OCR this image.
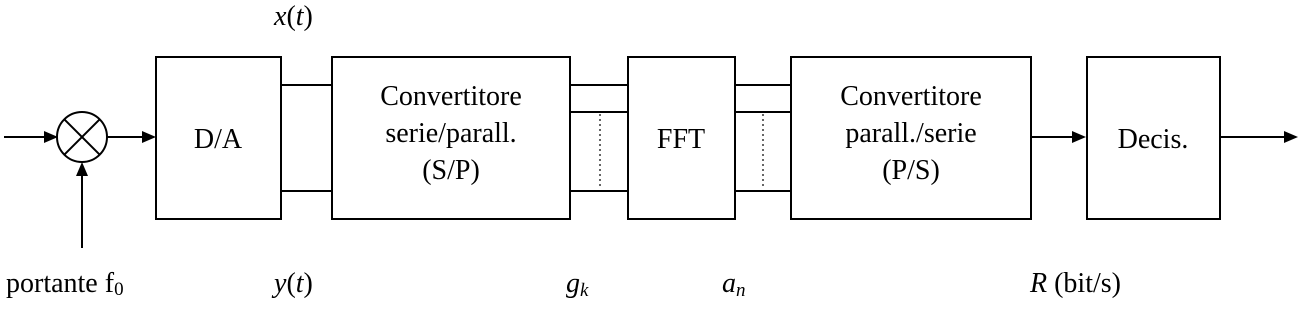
D/A
Convertitore
serie/parall.
(S/P)
FFT
Convertitore
parall./serie
(P/S)
Decis.
x(t)
portante f0	y(t)	gk	an	R (bit/s)
